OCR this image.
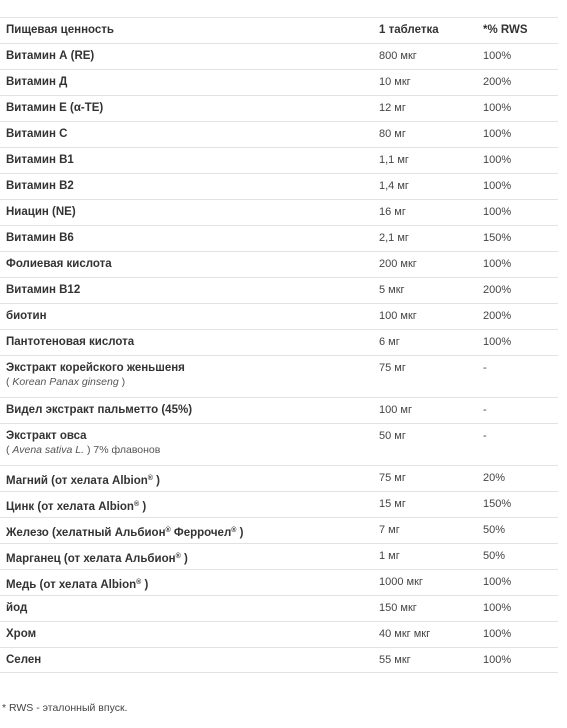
Пищевая ценность	1 таблетка	*% RWS
Витамин А (RE)	800 мкг	100%
Витамин Д	10 мкг	200%
Витамин Е (α-TE)	12 мг	100%
Витамин С	80 мг	100%
Витамин В1	1,1 мг	100%
Витамин В2	1,4 мг	100%
Ниацин (NE)	16 мг	100%
Витамин В6	2,1 мг	150%
Фолиевая кислота	200 мкг	100%
Витамин В12	5 мкг	200%
биотин	100 мкг	200%
Пантотеновая кислота	6 мг	100%
Экстракт корейского женьшеня
( Korean Panax ginseng )
75 мг	-
Видел экстракт пальметто (45%)	100 мг	-
Экстракт овса
( Avena sativa L. ) 7% флавонов
50 мг	-
Магний (от хелата Albion® )	75 мг	20%
Цинк (от хелата Albion® )	15 мг	150%
Железо (хелатный Альбион® Феррочел® )	7 мг	50%
Марганец (от хелата Альбион® )	1 мг	50%
Медь (от хелата Albion® )	1000 мкг	100%
йод	150 мкг	100%
Хром	40 мкг мкг	100%
Селен	55 мкг	100%
* RWS - эталонный впуск.
